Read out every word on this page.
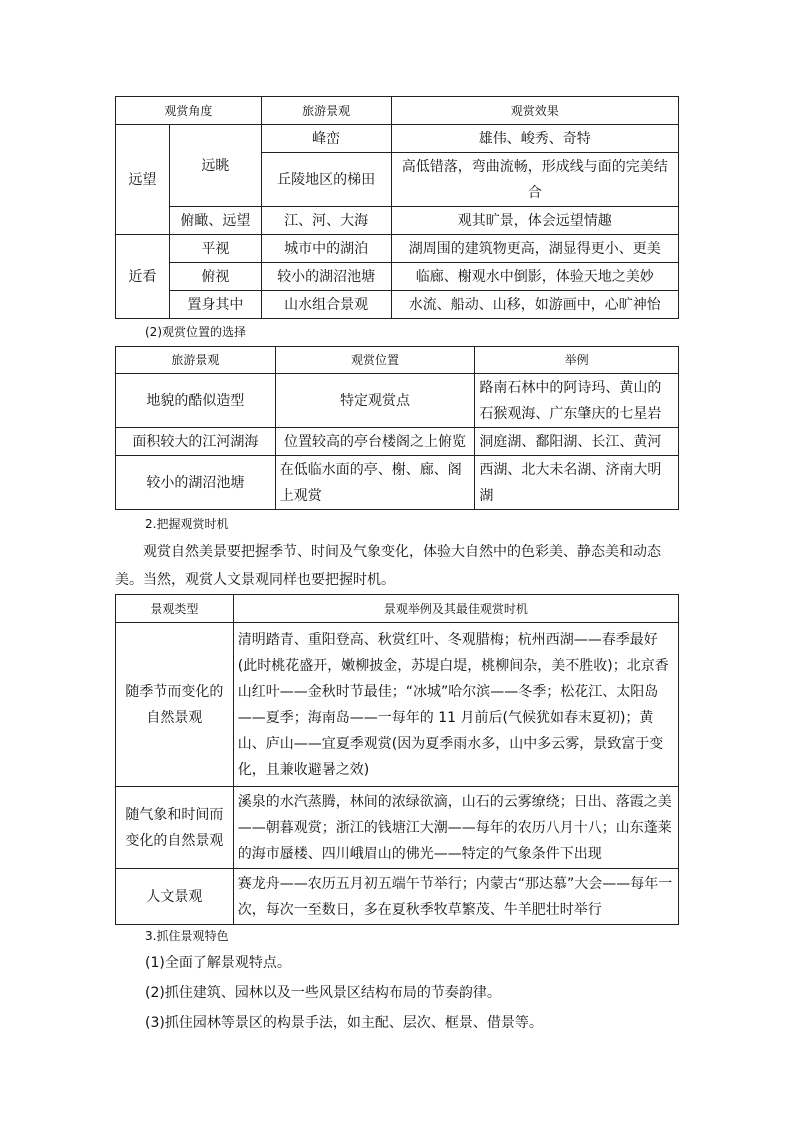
观赏角度		旅游景观	观赏效果
远望	远眺	峰峦	雄伟、峻秀、奇特
		丘陵地区的梯田	高低错落，弯曲流畅，形成线与面的完美结合
	俯瞰、远望	江、河、大海	观其旷景，体会远望情趣
近看	平视	城市中的湖泊	湖周围的建筑物更高，湖显得更小、更美
	俯视	较小的湖沼池塘	临廊、榭观水中倒影，体验天地之美妙
	置身其中	山水组合景观	水流、船动、山移，如游画中，心旷神怡
(2)观赏位置的选择
旅游景观	观赏位置	举例
地貌的酷似造型	特定观赏点	路南石林中的阿诗玛、黄山的石猴观海、广东肇庆的七星岩
面积较大的江河湖海	位置较高的亭台楼阁之上俯览	洞庭湖、鄱阳湖、长江、黄河
较小的湖沼池塘	在低临水面的亭、榭、廊、阁上观赏	西湖、北大未名湖、济南大明湖
2.把握观赏时机
观赏自然美景要把握季节、时间及气象变化，体验大自然中的色彩美、静态美和动态美。当然，观赏人文景观同样也要把握时机。
景观类型	景观举例及其最佳观赏时机
随季节而变化的自然景观	清明踏青、重阳登高、秋赏红叶、冬观腊梅；杭州西湖——春季最好(此时桃花盛开，嫩柳披金，苏堤白堤，桃柳间杂，美不胜收)；北京香山红叶——金秋时节最佳；“冰城”哈尔滨——冬季；松花江、太阳岛——夏季；海南岛——一每年的 11 月前后(气候犹如春末夏初)；黄山、庐山——宜夏季观赏(因为夏季雨水多，山中多云雾，景致富于变化，且兼收避暑之效)
随气象和时间而变化的自然景观	溪泉的水汽蒸腾，林间的浓绿欲滴，山石的云雾缭绕；日出、落霞之美——朝暮观赏；浙江的钱塘江大潮——每年的农历八月十八；山东蓬莱的海市蜃楼、四川峨眉山的佛光——特定的气象条件下出现
人文景观	赛龙舟——农历五月初五端午节举行；内蒙古“那达慕”大会——每年一次，每次一至数日，多在夏秋季牧草繁茂、牛羊肥壮时举行
3.抓住景观特色
(1)全面了解景观特点。
(2)抓住建筑、园林以及一些风景区结构布局的节奏韵律。
(3)抓住园林等景区的构景手法，如主配、层次、框景、借景等。
